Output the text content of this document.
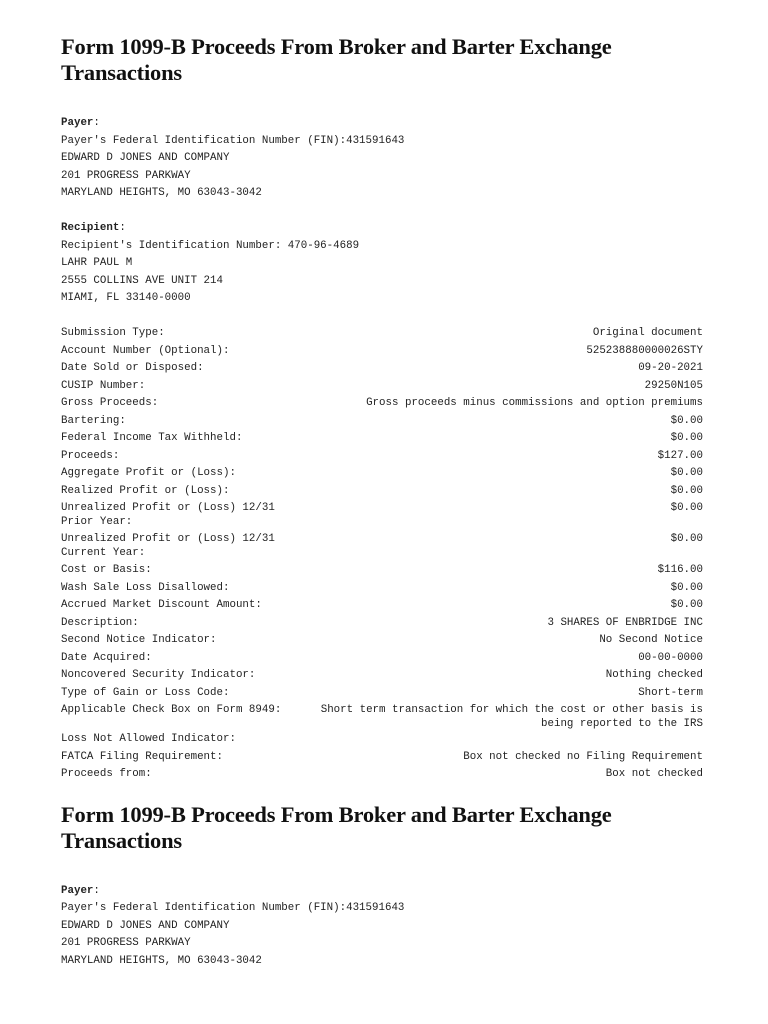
Form 1099-B Proceeds From Broker and Barter Exchange Transactions
Payer:
Payer's Federal Identification Number (FIN):431591643
EDWARD D JONES AND COMPANY
201 PROGRESS PARKWAY
MARYLAND HEIGHTS, MO 63043-3042
Recipient:
Recipient's Identification Number: 470-96-4689
LAHR PAUL M
2555 COLLINS AVE UNIT 214
MIAMI, FL 33140-0000
Submission Type:	Original document
Account Number (Optional):	525238880000026STY
Date Sold or Disposed:	09-20-2021
CUSIP Number:	29250N105
Gross Proceeds:	Gross proceeds minus commissions and option premiums
Bartering:	$0.00
Federal Income Tax Withheld:	$0.00
Proceeds:	$127.00
Aggregate Profit or (Loss):	$0.00
Realized Profit or (Loss):	$0.00
Unrealized Profit or (Loss) 12/31 Prior Year:
$0.00
Unrealized Profit or (Loss) 12/31 Current Year:
$0.00
Cost or Basis:	$116.00
Wash Sale Loss Disallowed:	$0.00
Accrued Market Discount Amount:	$0.00
Description:	3 SHARES OF ENBRIDGE INC
Second Notice Indicator:	No Second Notice
Date Acquired:	00-00-0000
Noncovered Security Indicator:	Nothing checked
Type of Gain or Loss Code:	Short-term
Applicable Check Box on Form 8949:	Short term transaction for which the cost or other basis is being reported to the IRS
Loss Not Allowed Indicator:
FATCA Filing Requirement:	Box not checked no Filing Requirement
Proceeds from:	Box not checked
Form 1099-B Proceeds From Broker and Barter Exchange Transactions
Payer:
Payer's Federal Identification Number (FIN):431591643
EDWARD D JONES AND COMPANY
201 PROGRESS PARKWAY
MARYLAND HEIGHTS, MO 63043-3042
